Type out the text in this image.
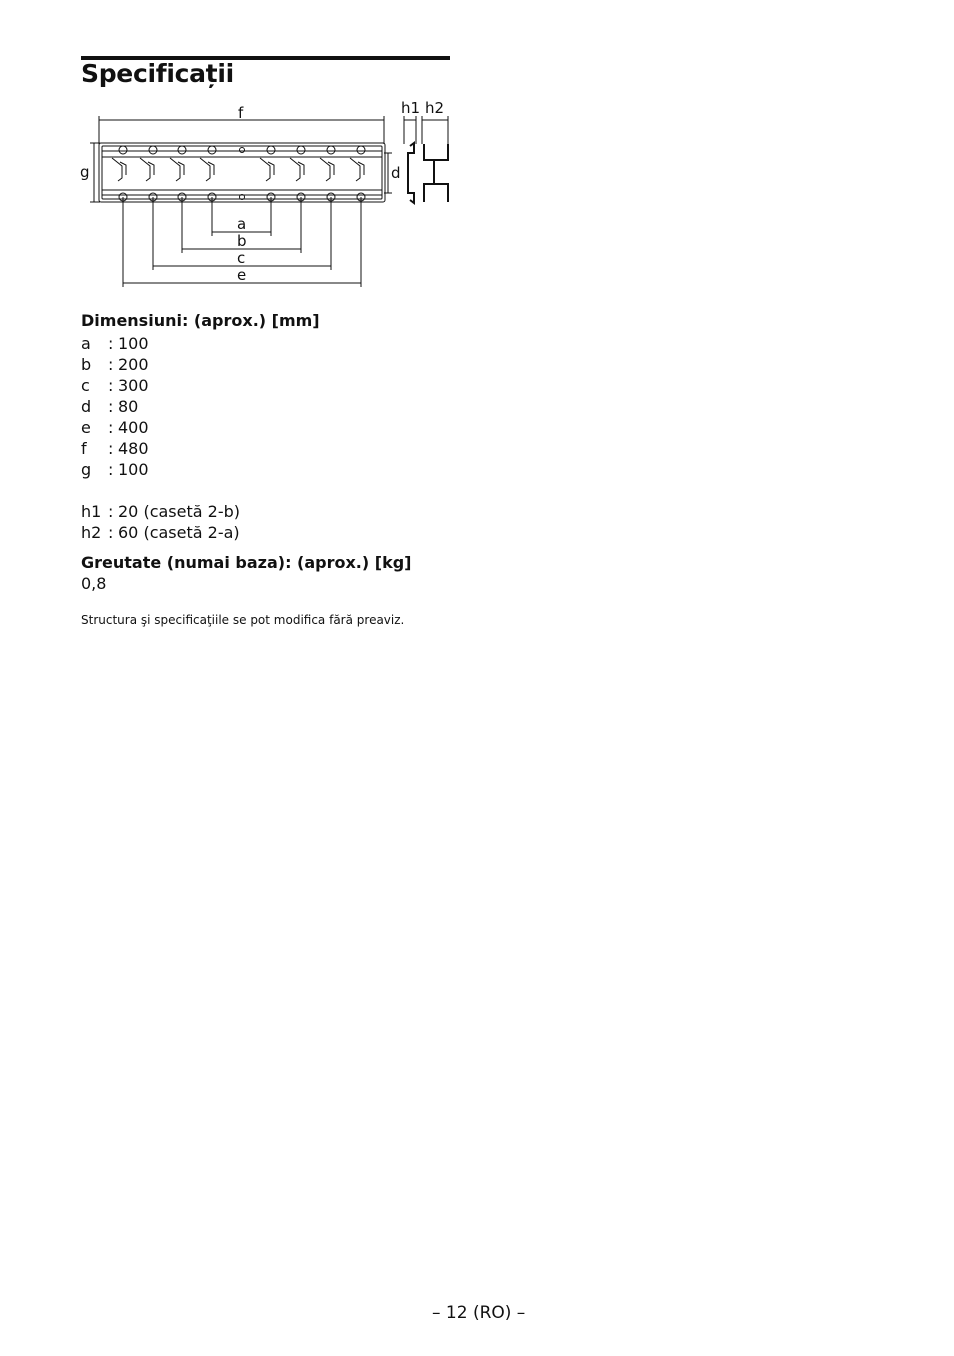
Specificații
f
g	d
h1 h2
a
b
c
e
Dimensiuni: (aprox.) [mm]
a	: 100
b	: 200
c	: 300
d	: 80
e	: 400
f	: 480
g	: 100
h1 : 20 (casetă 2-b)
h2 : 60 (casetă 2-a)
Greutate (numai baza): (aprox.) [kg]
0,8
Structura şi specificaţiile se pot modifica fără preaviz.
– 12 (RO) –
